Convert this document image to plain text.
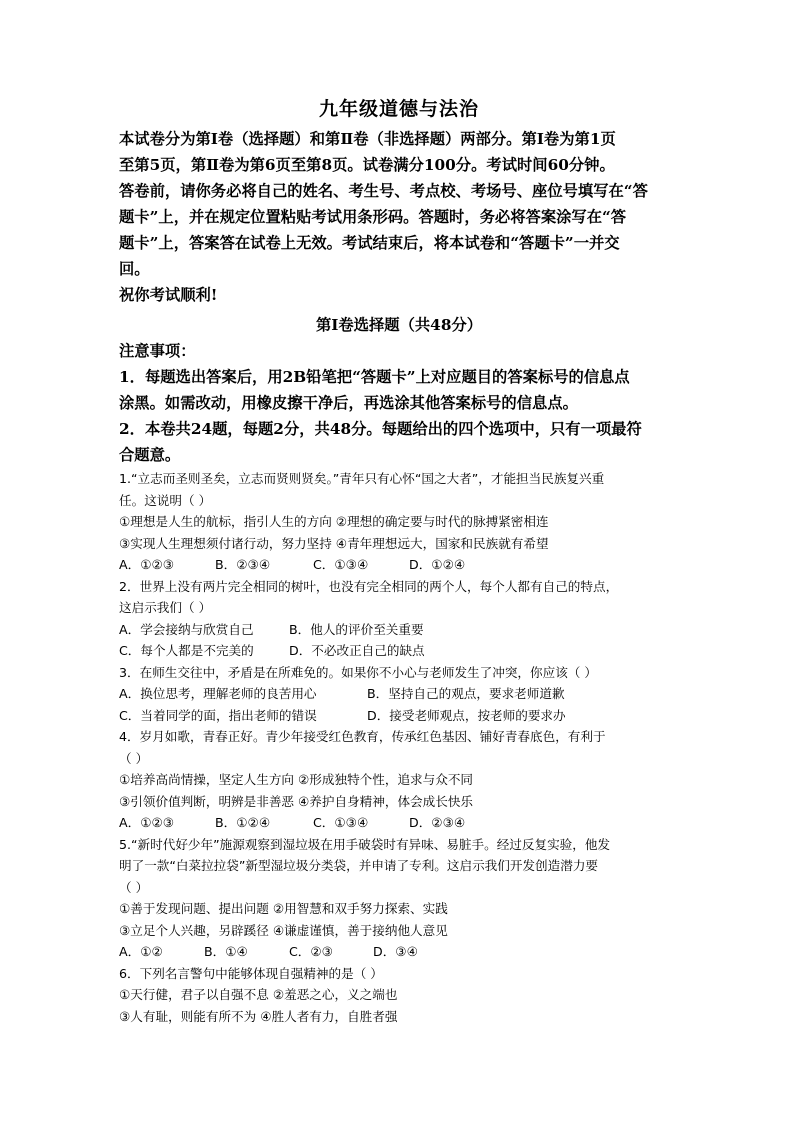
九年级道德与法治

本试卷分为第Ⅰ卷（选择题）和第Ⅱ卷（非选择题）两部分。第Ⅰ卷为第1页

至第5页，第Ⅱ卷为第6页至第8页。试卷满分100分。考试时间60分钟。

答卷前，请你务必将自己的姓名、考生号、考点校、考场号、座位号填写在“答

题卡”上，并在规定位置粘贴考试用条形码。答题时，务必将答案涂写在“答

题卡”上，答案答在试卷上无效。考试结束后，将本试卷和“答题卡”一并交

回。

祝你考试顺利!

第Ⅰ卷选择题（共48分）

注意事项：

1．每题选出答案后，用2B铅笔把“答题卡”上对应题目的答案标号的信息点

涂黑。如需改动，用橡皮擦干净后，再选涂其他答案标号的信息点。

2．本卷共24题，每题2分，共48分。每题给出的四个选项中，只有一项最符

合题意。

1.“立志而圣则圣矣，立志而贤则贤矣。”青年只有心怀“国之大者”，才能担当民族复兴重
任。这说明（ ）
①理想是人生的航标，指引人生的方向 ②理想的确定要与时代的脉搏紧密相连
③实现人生理想须付诸行动，努力坚持 ④青年理想远大，国家和民族就有希望
A．①②③	B．②③④	C．①③④	D．①②④
2．世界上没有两片完全相同的树叶，也没有完全相同的两个人，每个人都有自己的特点，
这启示我们（ ）
A．学会接纳与欣赏自己	B．他人的评价至关重要
C．每个人都是不完美的	D．不必改正自己的缺点
3．在师生交往中，矛盾是在所难免的。如果你不小心与老师发生了冲突，你应该（ ）
A．换位思考，理解老师的良苦用心	B．坚持自己的观点，要求老师道歉
C．当着同学的面，指出老师的错误	D．接受老师观点，按老师的要求办
4．岁月如歌，青春正好。青少年接受红色教育，传承红色基因、铺好青春底色，有利于
（ ）
①培养高尚情操，坚定人生方向 ②形成独特个性，追求与众不同
③引领价值判断，明辨是非善恶 ④养护自身精神，体会成长快乐
A．①②③	B．①②④	C．①③④	D．②③④
5.“新时代好少年”施源观察到湿垃圾在用手破袋时有异味、易脏手。经过反复实验，他发
明了一款“白菜拉拉袋”新型湿垃圾分类袋，并申请了专利。这启示我们开发创造潜力要
（ ）
①善于发现问题、提出问题 ②用智慧和双手努力探索、实践
③立足个人兴趣，另辟蹊径 ④谦虚谨慎，善于接纳他人意见
A．①②	B．①④	C．②③	D．③④
6．下列名言警句中能够体现自强精神的是（ ）
①天行健，君子以自强不息 ②羞恶之心，义之端也
③人有耻，则能有所不为 ④胜人者有力，自胜者强
